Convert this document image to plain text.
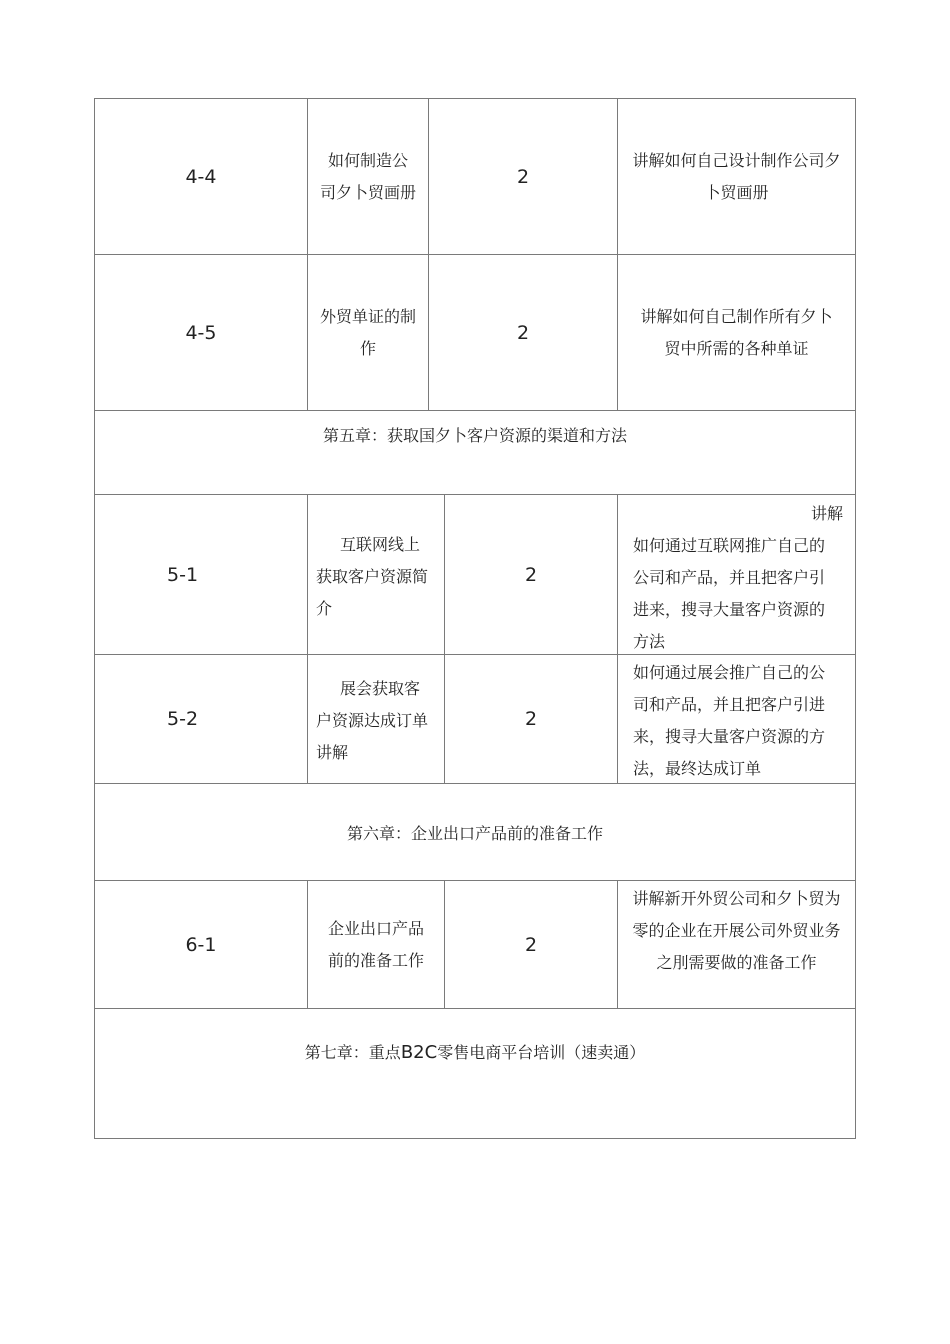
4-4
如何制造公
司夕卜贸画册
2
讲解如何自己设计制作公司夕
卜贸画册
4-5
外贸单证的制
作
2
讲解如何自己制作所有夕卜
贸中所需的各种单证
第五章：获取国夕卜客户资源的渠道和方法
5-1
互联网线上
获取客户资源简
介
2
讲解
如何通过互联网推广自己的
公司和产品，并且把客户引
进来，搜寻大量客户资源的
方法
5-2
展会获取客
户资源达成订单
讲解
2
如何通过展会推广自己的公
司和产品，并且把客户引进
来，搜寻大量客户资源的方
法，最终达成订单
第六章：企业出口产品前的准备工作
6-1
企业出口产品
前的准备工作
2
讲解新开外贸公司和夕卜贸为
零的企业在开展公司外贸业务
之刖需要做的准备工作
第七章：重点B2C零售电商平台培训（速卖通）
